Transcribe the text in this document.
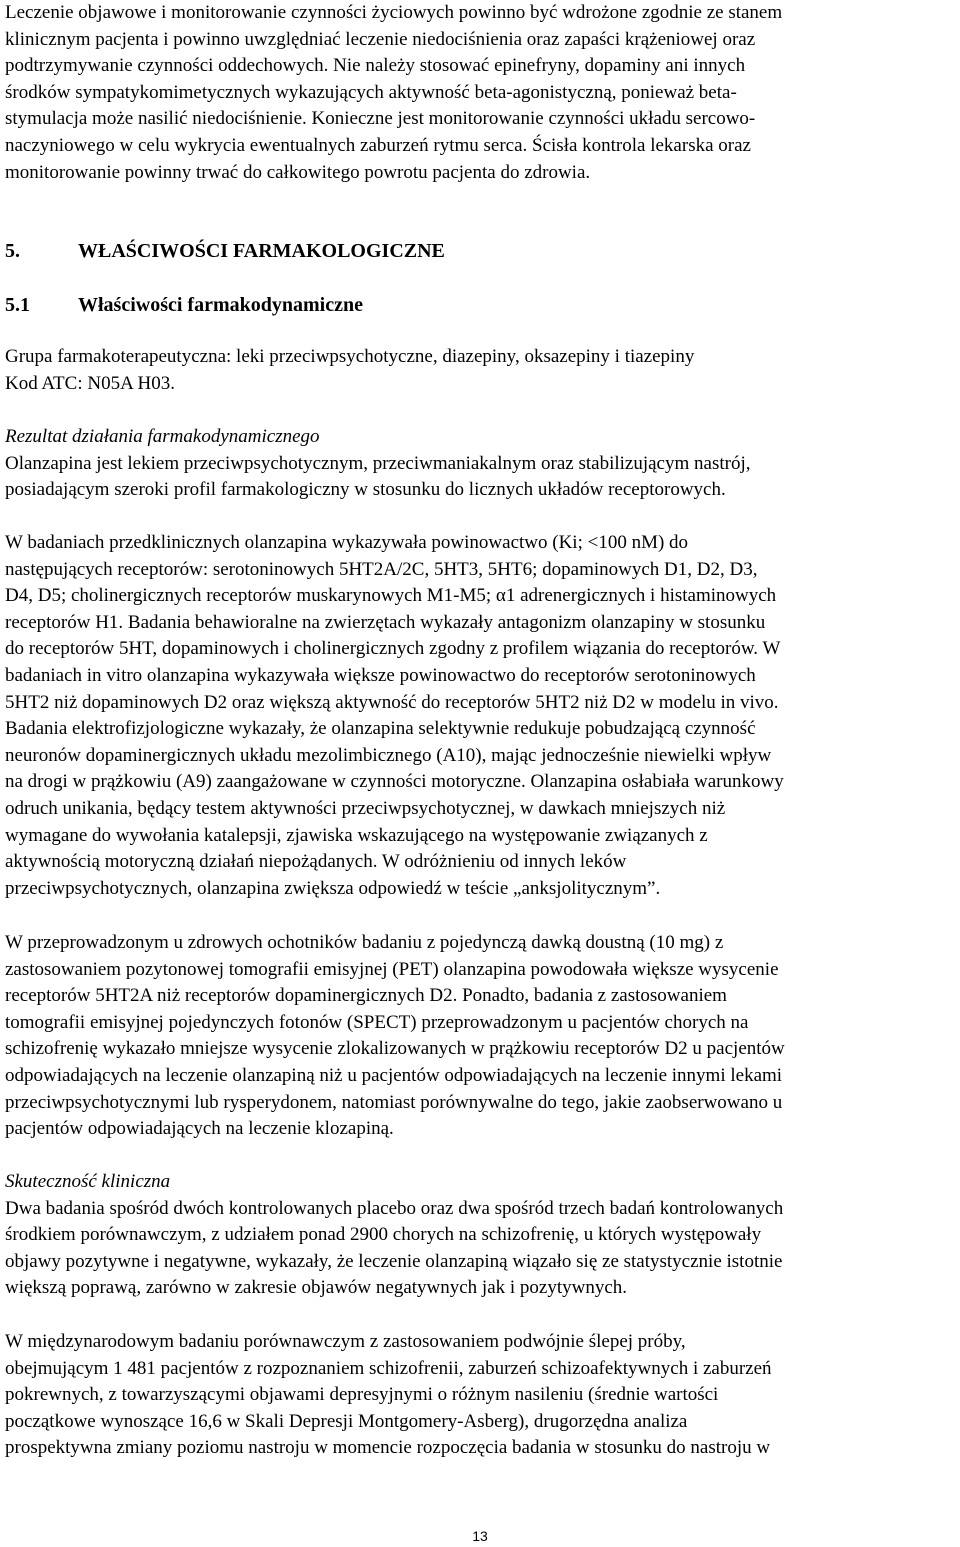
Leczenie objawowe i monitorowanie czynności życiowych powinno być wdrożone zgodnie ze stanem
klinicznym pacjenta i powinno uwzględniać leczenie niedociśnienia oraz zapaści krążeniowej oraz
podtrzymywanie czynności oddechowych. Nie należy stosować epinefryny, dopaminy ani innych
środków sympatykomimetycznych wykazujących aktywność beta-agonistyczną, ponieważ beta-
stymulacja może nasilić niedociśnienie. Konieczne jest monitorowanie czynności układu sercowo-
naczyniowego w celu wykrycia ewentualnych zaburzeń rytmu serca. Ścisła kontrola lekarska oraz
monitorowanie powinny trwać do całkowitego powrotu pacjenta do zdrowia.
5.	WŁAŚCIWOŚCI FARMAKOLOGICZNE
5.1 Właściwości farmakodynamiczne
Grupa farmakoterapeutyczna: leki przeciwpsychotyczne, diazepiny, oksazepiny i tiazepiny
Kod ATC: N05A H03.
Rezultat działania farmakodynamicznego
Olanzapina jest lekiem przeciwpsychotycznym, przeciwmaniakalnym oraz stabilizującym nastrój,
posiadającym szeroki profil farmakologiczny w stosunku do licznych układów receptorowych.
W badaniach przedklinicznych olanzapina wykazywała powinowactwo (Ki; <100 nM) do
następujących receptorów: serotoninowych 5HT2A/2C, 5HT3, 5HT6; dopaminowych D1, D2, D3,
D4, D5; cholinergicznych receptorów muskarynowych M1-M5; α1 adrenergicznych i histaminowych
receptorów H1. Badania behawioralne na zwierzętach wykazały antagonizm olanzapiny w stosunku
do receptorów 5HT, dopaminowych i cholinergicznych zgodny z profilem wiązania do receptorów. W
badaniach in vitro olanzapina wykazywała większe powinowactwo do receptorów serotoninowych
5HT2 niż dopaminowych D2 oraz większą aktywność do receptorów 5HT2 niż D2 w modelu in vivo.
Badania elektrofizjologiczne wykazały, że olanzapina selektywnie redukuje pobudzającą czynność
neuronów dopaminergicznych układu mezolimbicznego (A10), mając jednocześnie niewielki wpływ
na drogi w prążkowiu (A9) zaangażowane w czynności motoryczne. Olanzapina osłabiała warunkowy
odruch unikania, będący testem aktywności przeciwpsychotycznej, w dawkach mniejszych niż
wymagane do wywołania katalepsji, zjawiska wskazującego na występowanie związanych z
aktywnością motoryczną działań niepożądanych. W odróżnieniu od innych leków
przeciwpsychotycznych, olanzapina zwiększa odpowiedź w teście „anksjolitycznym”.
W przeprowadzonym u zdrowych ochotników badaniu z pojedynczą dawką doustną (10 mg) z
zastosowaniem pozytonowej tomografii emisyjnej (PET) olanzapina powodowała większe wysycenie
receptorów 5HT2A niż receptorów dopaminergicznych D2. Ponadto, badania z zastosowaniem
tomografii emisyjnej pojedynczych fotonów (SPECT) przeprowadzonym u pacjentów chorych na
schizofrenię wykazało mniejsze wysycenie zlokalizowanych w prążkowiu receptorów D2 u pacjentów
odpowiadających na leczenie olanzapiną niż u pacjentów odpowiadających na leczenie innymi lekami
przeciwpsychotycznymi lub rysperydonem, natomiast porównywalne do tego, jakie zaobserwowano u
pacjentów odpowiadających na leczenie klozapiną.
Skuteczność kliniczna
Dwa badania spośród dwóch kontrolowanych placebo oraz dwa spośród trzech badań kontrolowanych
środkiem porównawczym, z udziałem ponad 2900 chorych na schizofrenię, u których występowały
objawy pozytywne i negatywne, wykazały, że leczenie olanzapiną wiązało się ze statystycznie istotnie
większą poprawą, zarówno w zakresie objawów negatywnych jak i pozytywnych.
W międzynarodowym badaniu porównawczym z zastosowaniem podwójnie ślepej próby,
obejmującym 1 481 pacjentów z rozpoznaniem schizofrenii, zaburzeń schizoafektywnych i zaburzeń
pokrewnych, z towarzyszącymi objawami depresyjnymi o różnym nasileniu (średnie wartości
początkowe wynoszące 16,6 w Skali Depresji Montgomery-Asberg), drugorzędna analiza
prospektywna zmiany poziomu nastroju w momencie rozpoczęcia badania w stosunku do nastroju w
13
